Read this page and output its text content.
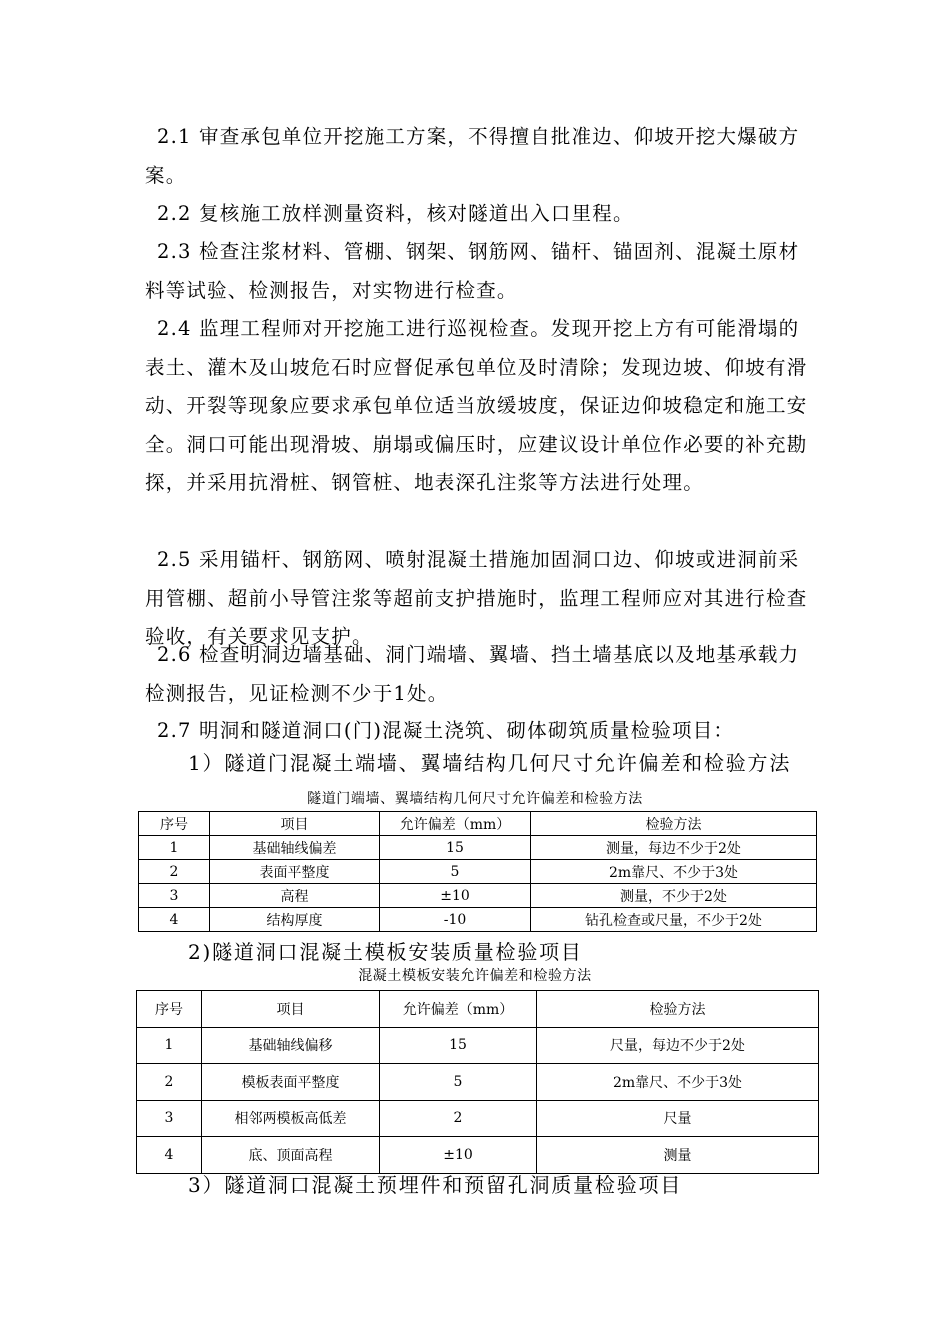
2.1 审查承包单位开挖施工方案，不得擅自批准边、仰坡开挖大爆破方案。

2.2 复核施工放样测量资料，核对隧道出入口里程。

2.3 检查注浆材料、管棚、钢架、钢筋网、锚杆、锚固剂、混凝土原材料等试验、检测报告，对实物进行检查。

2.4 监理工程师对开挖施工进行巡视检查。发现开挖上方有可能滑塌的表土、灌木及山坡危石时应督促承包单位及时清除；发现边坡、仰坡有滑动、开裂等现象应要求承包单位适当放缓坡度，保证边仰坡稳定和施工安全。洞口可能出现滑坡、崩塌或偏压时，应建议设计单位作必要的补充勘探，并采用抗滑桩、钢管桩、地表深孔注浆等方法进行处理。

2.5 采用锚杆、钢筋网、喷射混凝土措施加固洞口边、仰坡或进洞前采用管棚、超前小导管注浆等超前支护措施时，监理工程师应对其进行检查验收，有关要求见支护。

2.6 检查明洞边墙基础、洞门端墙、翼墙、挡土墙基底以及地基承载力检测报告，见证检测不少于1处。

2.7 明洞和隧道洞口(门)混凝土浇筑、砌体砌筑质量检验项目：

1）隧道门混凝土端墙、翼墙结构几何尺寸允许偏差和检验方法

隧道门端墙、翼墙结构几何尺寸允许偏差和检验方法

序号	项目	允许偏差（mm）	检验方法
1	基础轴线偏差	15	测量，每边不少于2处
2	表面平整度	5	2m靠尺、不少于3处
3	高程	±10	测量，不少于2处
4	结构厚度	-10	钻孔检查或尺量，不少于2处

2)隧道洞口混凝土模板安装质量检验项目

混凝土模板安装允许偏差和检验方法

序号	项目	允许偏差（mm）	检验方法
1	基础轴线偏移	15	尺量，每边不少于2处
2	模板表面平整度	5	2m靠尺、不少于3处
3	相邻两模板高低差	2	尺量
4	底、顶面高程	±10	测量

3）隧道洞口混凝土预埋件和预留孔洞质量检验项目
